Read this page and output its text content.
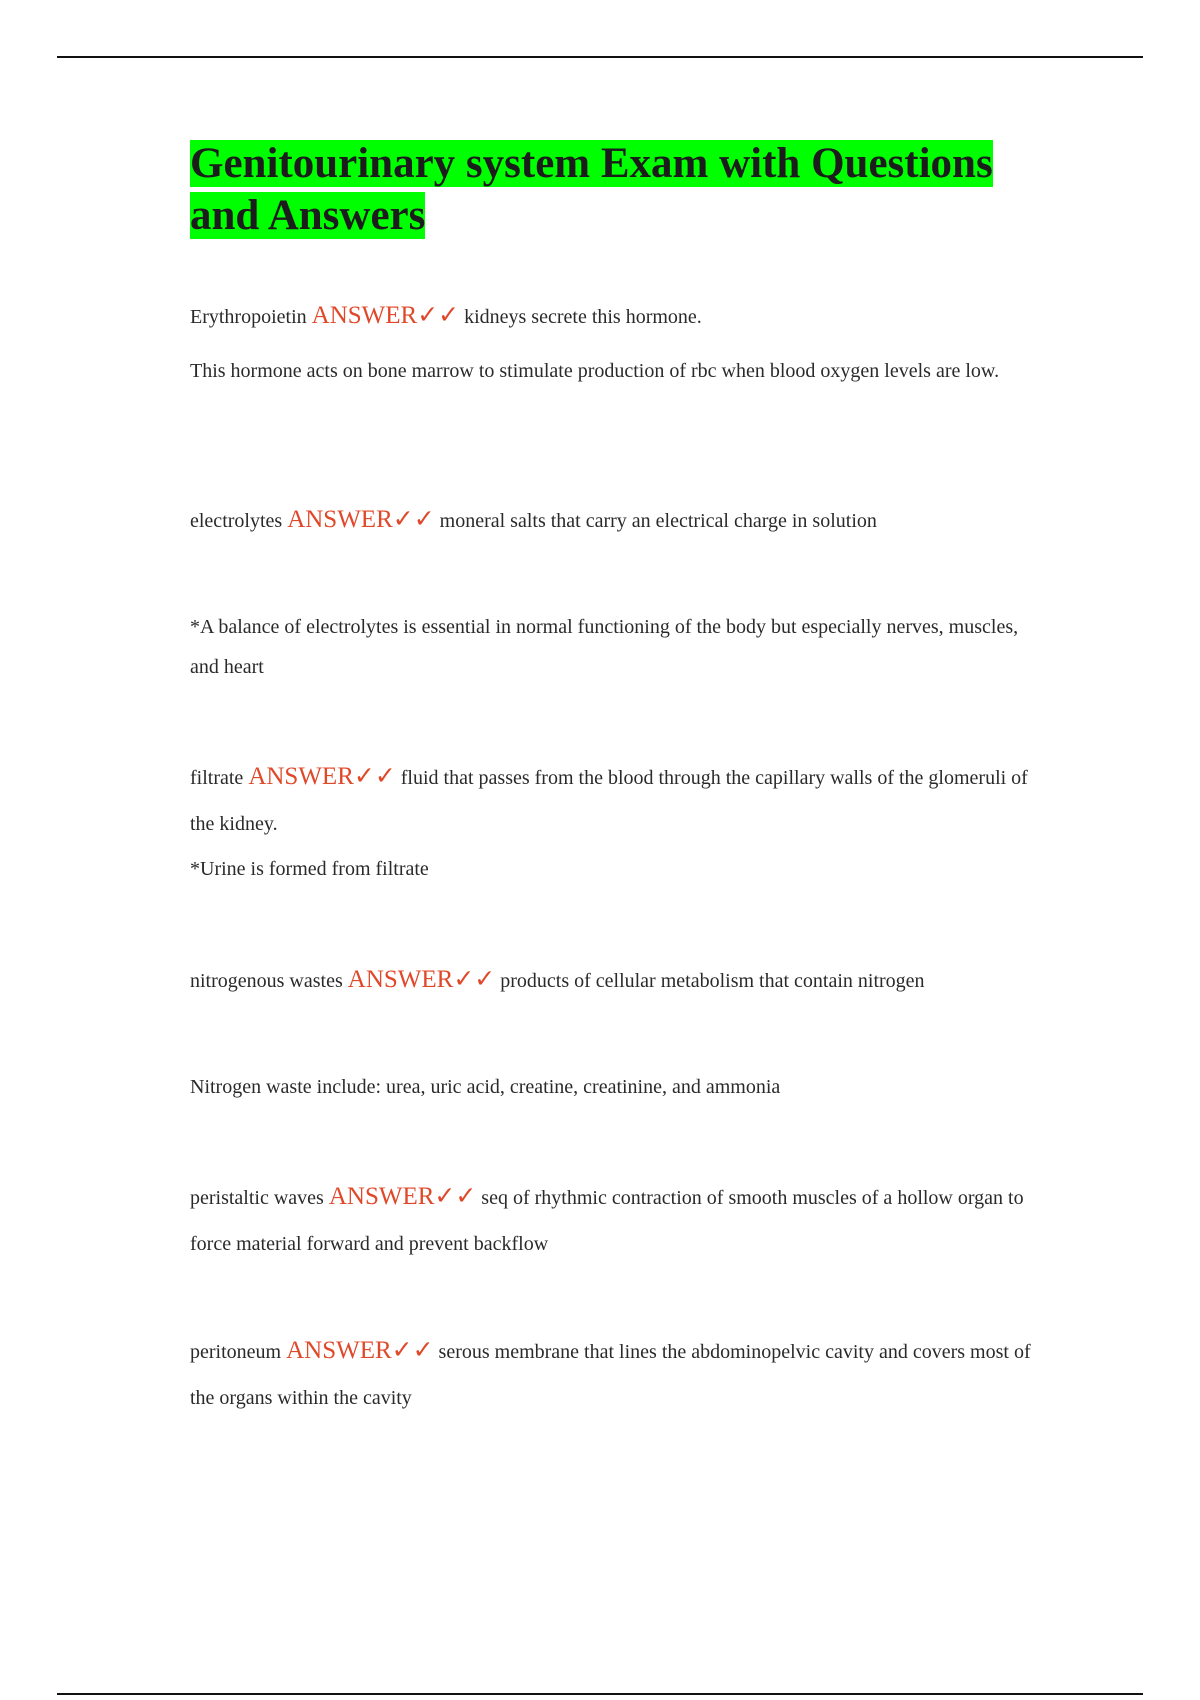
Genitourinary system Exam with Questions and Answers

Erythropoietin ANSWER✓✓ kidneys secrete this hormone.

This hormone acts on bone marrow to stimulate production of rbc when blood oxygen levels are low.

electrolytes ANSWER✓✓ moneral salts that carry an electrical charge in solution

*A balance of electrolytes is essential in normal functioning of the body but especially nerves, muscles, and heart

filtrate ANSWER✓✓ fluid that passes from the blood through the capillary walls of the glomeruli of the kidney.

*Urine is formed from filtrate

nitrogenous wastes ANSWER✓✓ products of cellular metabolism that contain nitrogen

Nitrogen waste include: urea, uric acid, creatine, creatinine, and ammonia

peristaltic waves ANSWER✓✓ seq of rhythmic contraction of smooth muscles of a hollow organ to force material forward and prevent backflow

peritoneum ANSWER✓✓ serous membrane that lines the abdominopelvic cavity and covers most of the organs within the cavity
